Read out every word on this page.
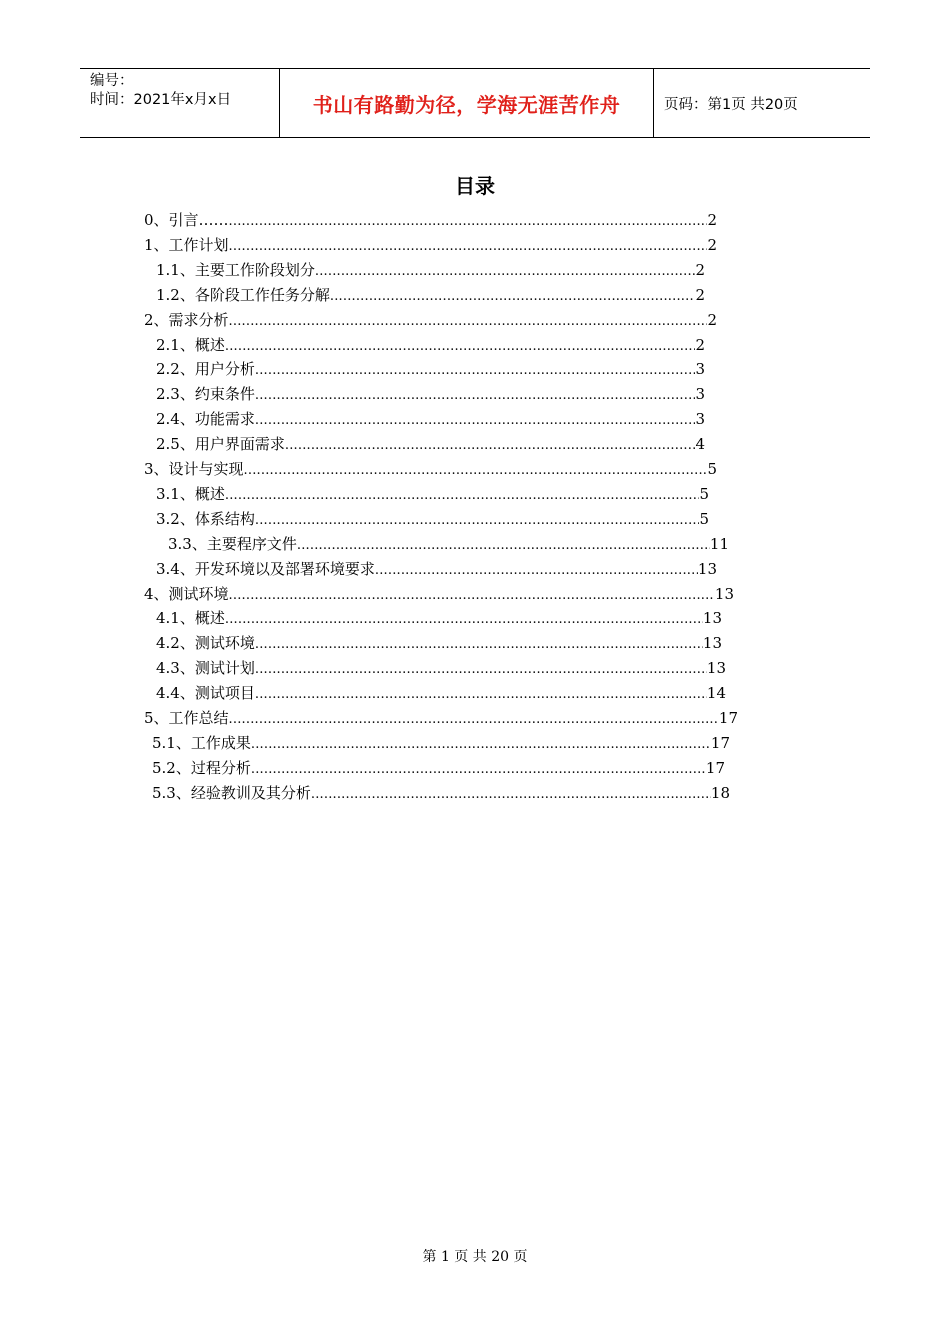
编号：
时间：2021年x月x日	书山有路勤为径，学海无涯苦作舟	页码：第1页 共20页
目录
0、引言…… .....	2
1、工作计划 .....	2
1.1、主要工作阶段划分 .....	2
1.2、各阶段工作任务分解 .....	2
2、需求分析 .....	2
2.1、概述 .....	2
2.2、用户分析 .....	3
2.3、约束条件 .....	3
2.4、功能需求 .....	3
2.5、用户界面需求 .....	4
3、设计与实现 .....	5
3.1、概述 .....	5
3.2、体系结构 .....	5
3.3、主要程序文件 .....	11
3.4、开发环境以及部署环境要求 .....	13
4、测试环境 .....	13
4.1、概述 .....	13
4.2、测试环境 .....	13
4.3、测试计划 .....	13
4.4、测试项目 .....	14
5、工作总结 .....	17
5.1、工作成果 .....	17
5.2、过程分析 .....	17
5.3、经验教训及其分析 .....	18
第 1 页 共 20 页
